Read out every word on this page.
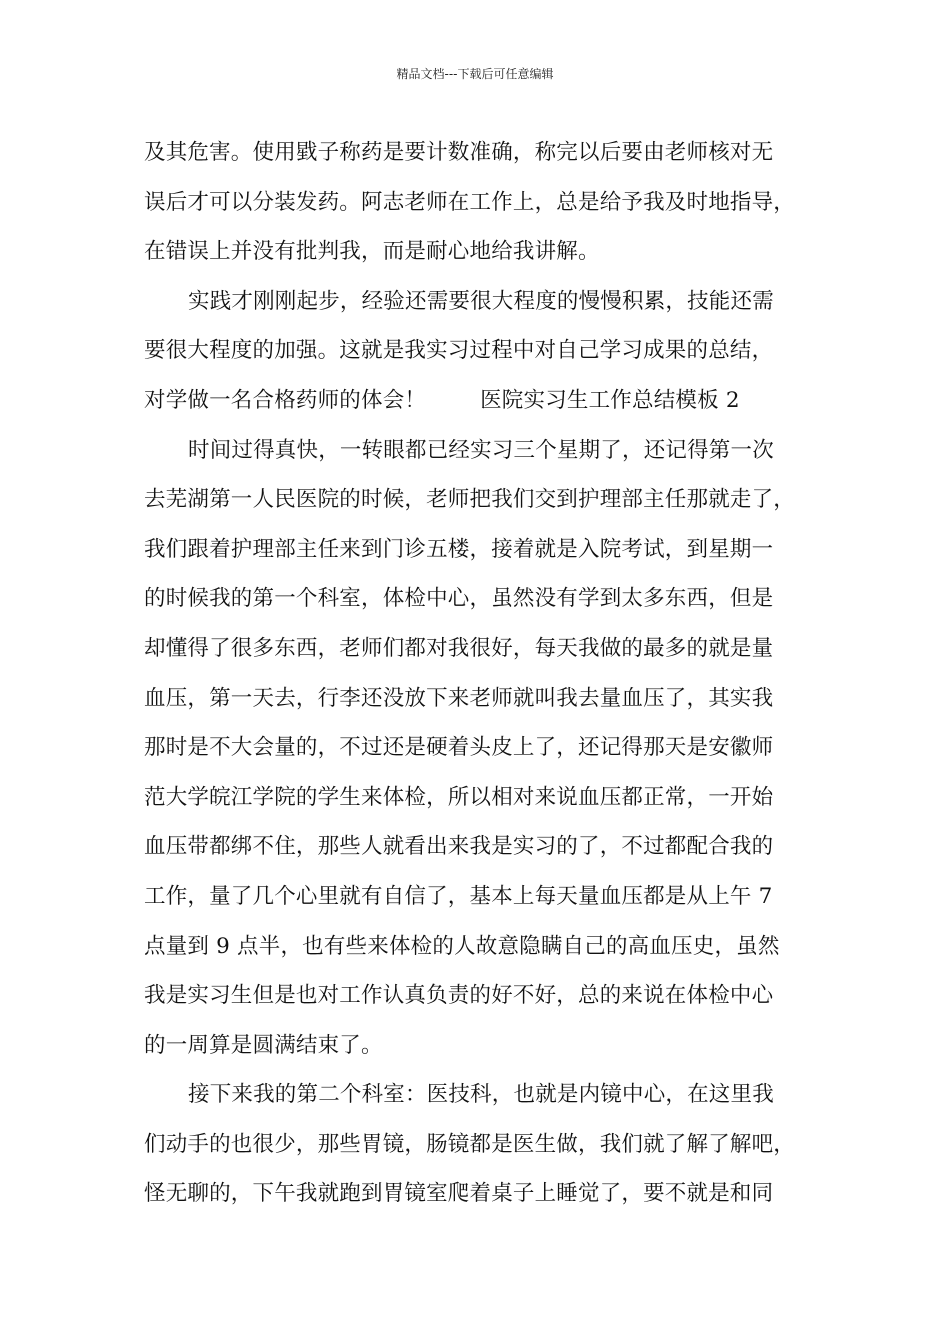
精品文档---下载后可任意编辑
及其危害。使用戥子称药是要计数准确，称完以后要由老师核对无
误后才可以分装发药。阿志老师在工作上，总是给予我及时地指导，
在错误上并没有批判我，而是耐心地给我讲解。
实践才刚刚起步，经验还需要很大程度的慢慢积累，技能还需
要很大程度的加强。这就是我实习过程中对自己学习成果的总结，
对学做一名合格药师的体会！	医院实习生工作总结模板 2
时间过得真快，一转眼都已经实习三个星期了，还记得第一次
去芜湖第一人民医院的时候，老师把我们交到护理部主任那就走了，
我们跟着护理部主任来到门诊五楼，接着就是入院考试，到星期一
的时候我的第一个科室，体检中心，虽然没有学到太多东西，但是
却懂得了很多东西，老师们都对我很好，每天我做的最多的就是量
血压，第一天去，行李还没放下来老师就叫我去量血压了，其实我
那时是不大会量的，不过还是硬着头皮上了，还记得那天是安徽师
范大学皖江学院的学生来体检，所以相对来说血压都正常，一开始
血压带都绑不住，那些人就看出来我是实习的了，不过都配合我的
工作，量了几个心里就有自信了，基本上每天量血压都是从上午 7
点量到 9 点半，也有些来体检的人故意隐瞒自己的高血压史，虽然
我是实习生但是也对工作认真负责的好不好，总的来说在体检中心
的一周算是圆满结束了。
接下来我的第二个科室：医技科，也就是内镜中心，在这里我
们动手的也很少，那些胃镜，肠镜都是医生做，我们就了解了解吧，
怪无聊的，下午我就跑到胃镜室爬着桌子上睡觉了，要不就是和同
